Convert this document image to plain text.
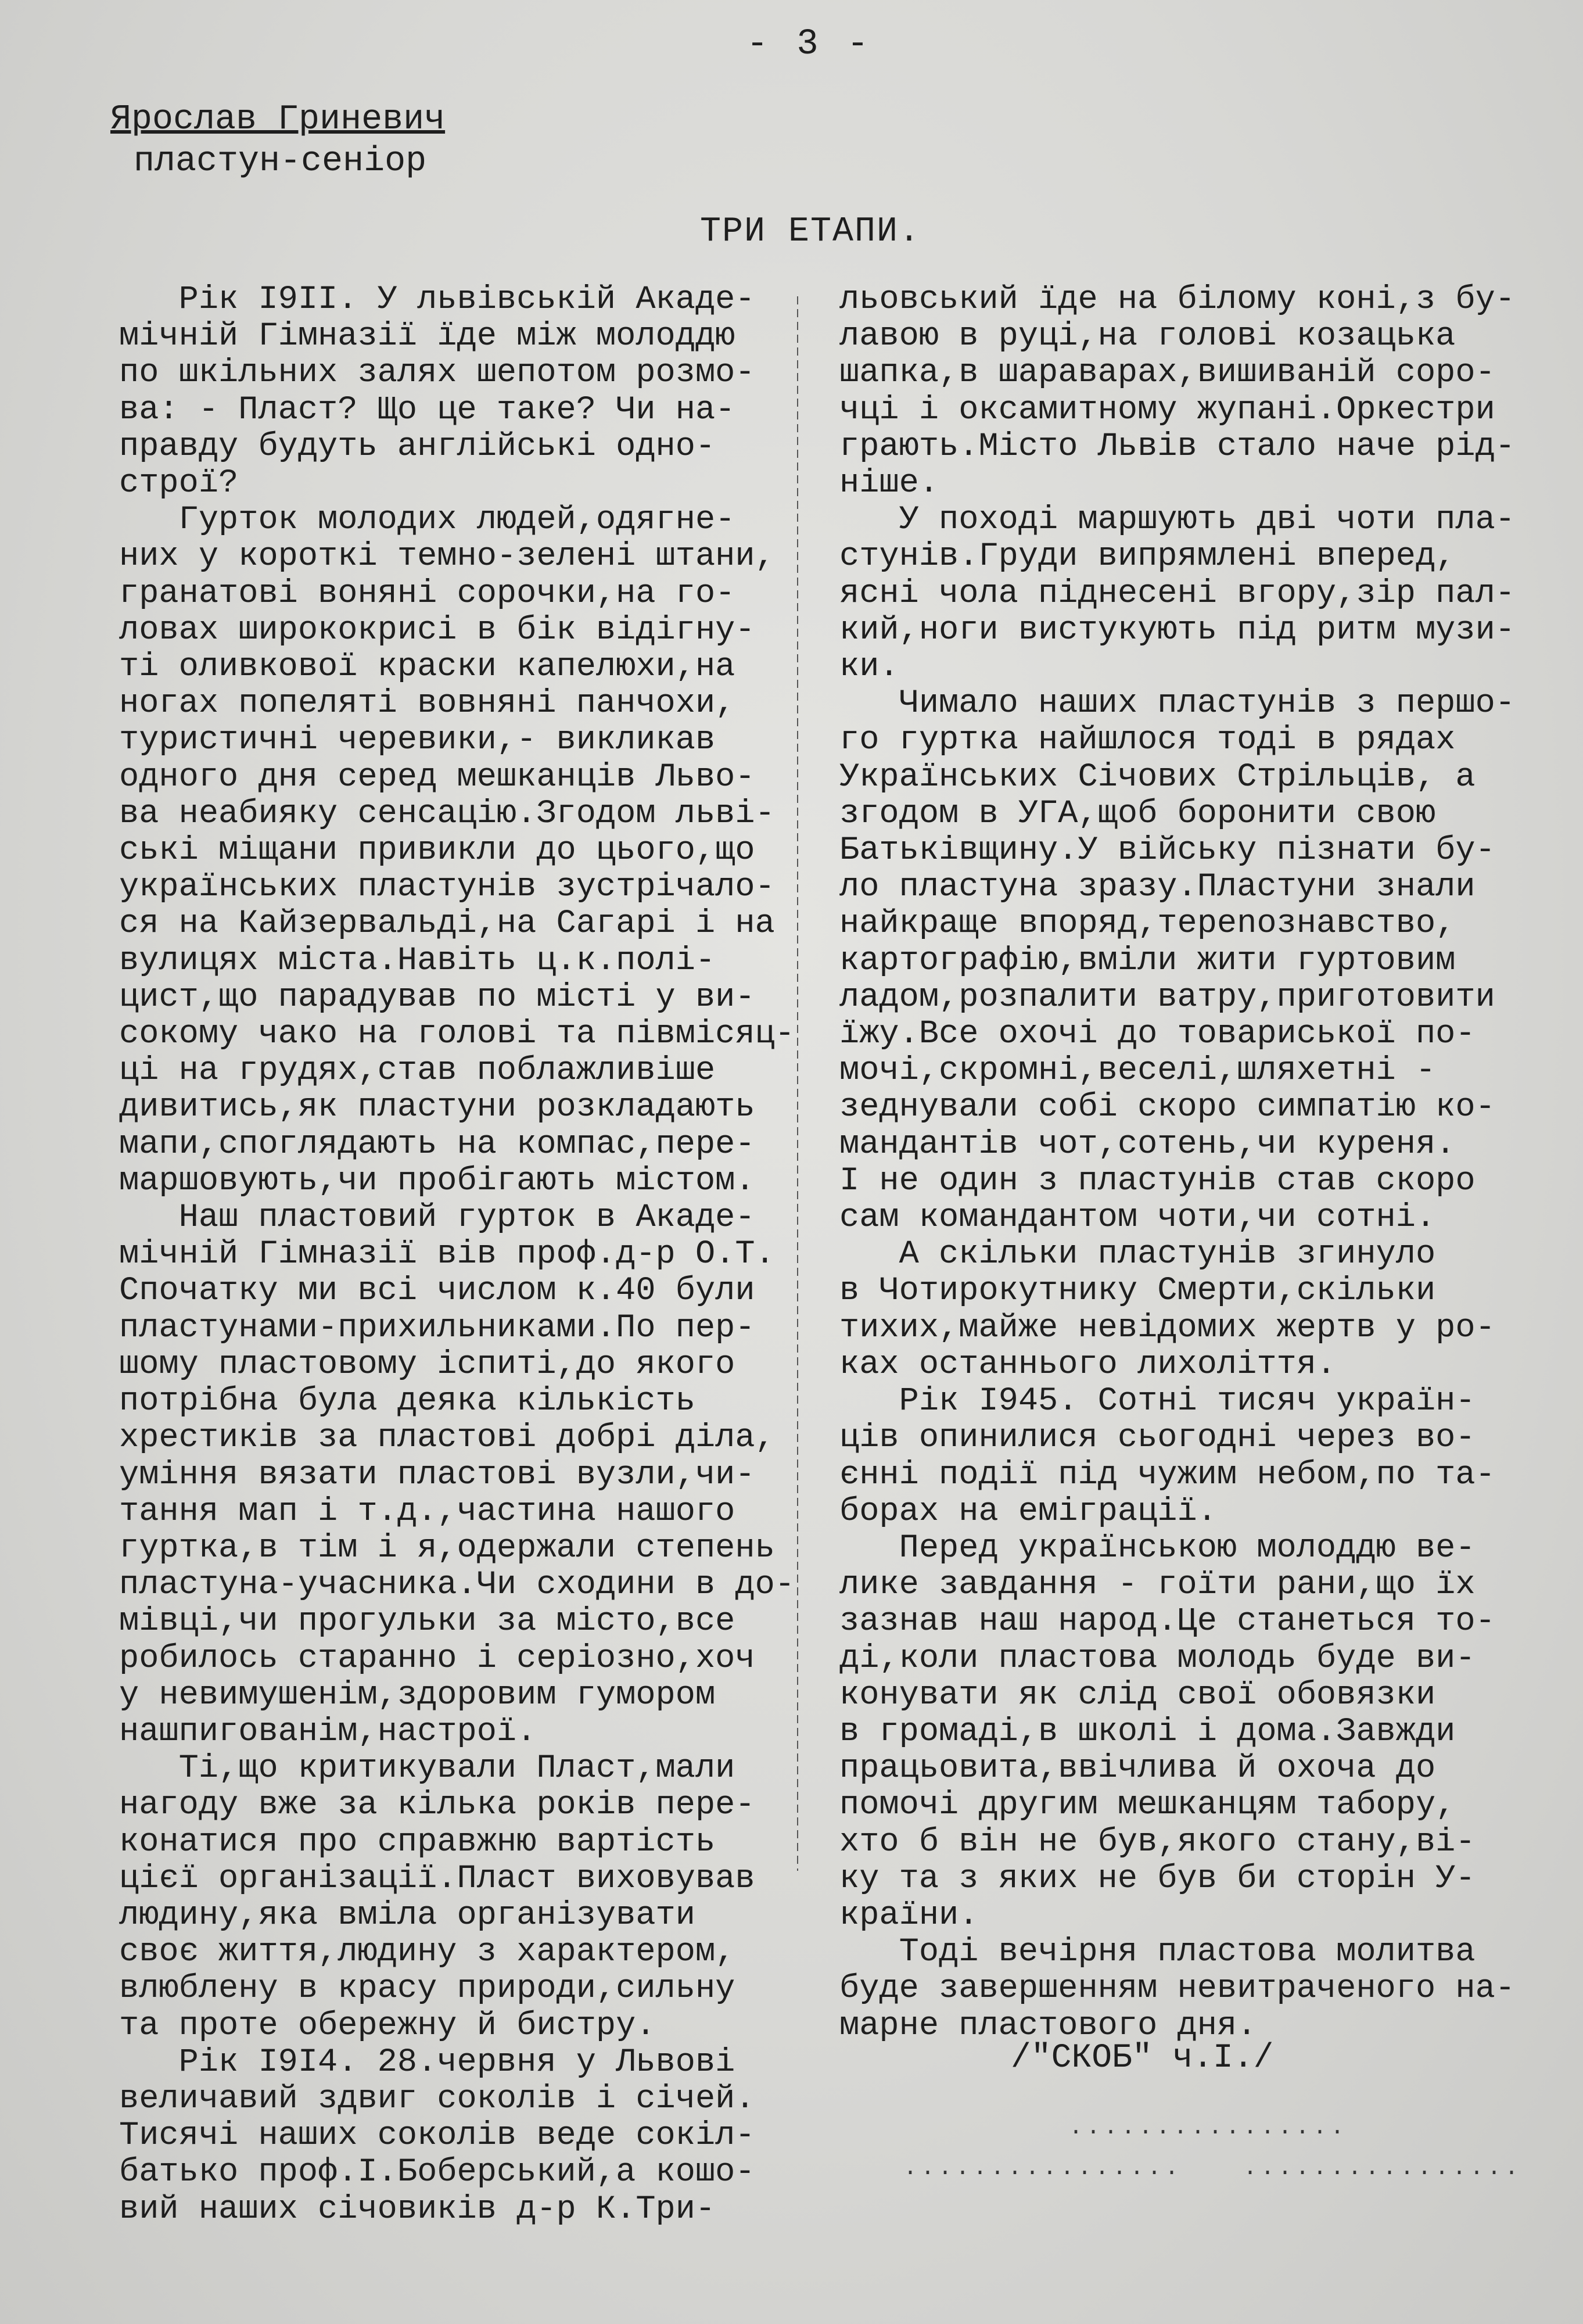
- 3 -
Ярослав Гриневич
пластун-сеніор
ТРИ ЕТАПИ.
Рік I9II. У львівській Акаде-
мічній Гімназії їде між молоддю
по шкільних залях шепотом розмо-
ва: - Пласт? Що це таке? Чи на-
правду будуть англійські одно-
строї?
Гурток молодих людей,одягне-
них у короткі темно-зелені штани,
гранатові воняні сорочки,на го-
ловах ширококрисі в бік відігну-
ті оливкової краски капелюхи,на
ногах попеляті вовняні панчохи,
туристичні черевики,- викликав
одного дня серед мешканців Льво-
ва неабияку сенсацію.Згодом льві-
ські міщани привикли до цього,що
українських пластунів зустрічало-
ся на Кайзервальді,на Сагарі і на
вулицях міста.Навіть ц.к.полі-
цист,що парадував по місті у ви-
сокому чако на голові та півмісяц-
ці на грудях,став поблажливіше
дивитись,як пластуни розкладають
мапи,споглядають на компас,пере-
маршовують,чи пробігають містом.
Наш пластовий гурток в Акаде-
мічній Гімназії вів проф.д-р О.Т.
Спочатку ми всі числом к.40 були
пластунами-прихильниками.По пер-
шому пластовому іспиті,до якого
потрібна була деяка кількість
хрестиків за пластові добрі діла,
уміння вязати пластові вузли,чи-
тання мап і т.д.,частина нашого
гуртка,в тім і я,одержали степень
пластуна-учасника.Чи сходини в до-
мівці,чи прогульки за місто,все
робилось старанно і серіозно,хоч
у невимушенім,здоровим гумором
нашпигованім,настрої.
Ті,що критикували Пласт,мали
нагоду вже за кілька років пере-
конатися про справжню вартість
цієї організації.Пласт виховував
людину,яка вміла організувати
своє життя,людину з характером,
влюблену в красу природи,сильну
та проте обережну й бистру.
Рік I9I4. 28.червня у Львові
величавий здвиг соколів і січей.
Тисячі наших соколів веде сокіл-
батько проф.І.Боберський,а кошо-
вий наших січовиків д-р К.Три-
льовський їде на білому коні,з бу-
лавою в руці,на голові козацька
шапка,в шараварах,вишиваній соро-
чці і оксамитному жупані.Оркестри
грають.Місто Львів стало наче рід-
ніше.
У поході маршують дві чоти пла-
стунів.Груди випрямлені вперед,
ясні чола піднесені вгору,зір пал-
кий,ноги вистукують під ритм музи-
ки.
Чимало наших пластунів з першо-
го гуртка найшлося тоді в рядах
Українських Січових Стрільців, а
згодом в УГА,щоб боронити свою
Батьківщину.У війську пізнати бу-
ло пластуна зразу.Пластуни знали
найкраще впоряд,терenознавство,
картографію,вміли жити гуртовим
ладом,розпалити ватру,приготовити
їжу.Все охочі до товариської по-
мочі,скромні,веселі,шляхетні -
зеднували собі скоро симпатію ко-
мандантів чот,сотень,чи куреня.
І не один з пластунів став скоро
сам командантом чоти,чи сотні.
А скільки пластунів згинуло
в Чотирокутнику Смерти,скільки
тихих,майже невідомих жертв у ро-
ках останнього лихоліття.
Рік I945. Сотні тисяч україн-
ців опинилися сьогодні через во-
єнні події під чужим небом,по та-
борах на еміграції.
Перед українською молоддю ве-
лике завдання - гоїти рани,що їх
зазнав наш народ.Це станеться то-
ді,коли пластова молодь буде ви-
конувати як слід свої обовязки
в громаді,в школі і дома.Завжди
працьовита,ввічлива й охоча до
помочі другим мешканцям табору,
хто б він не був,якого стану,ві-
ку та з яких не був би сторін У-
країни.
Тоді вечірня пластова молитва
буде завершенням невитраченого на-
марне пластового дня.
/"СКОБ" ч.І./
................
................	................
